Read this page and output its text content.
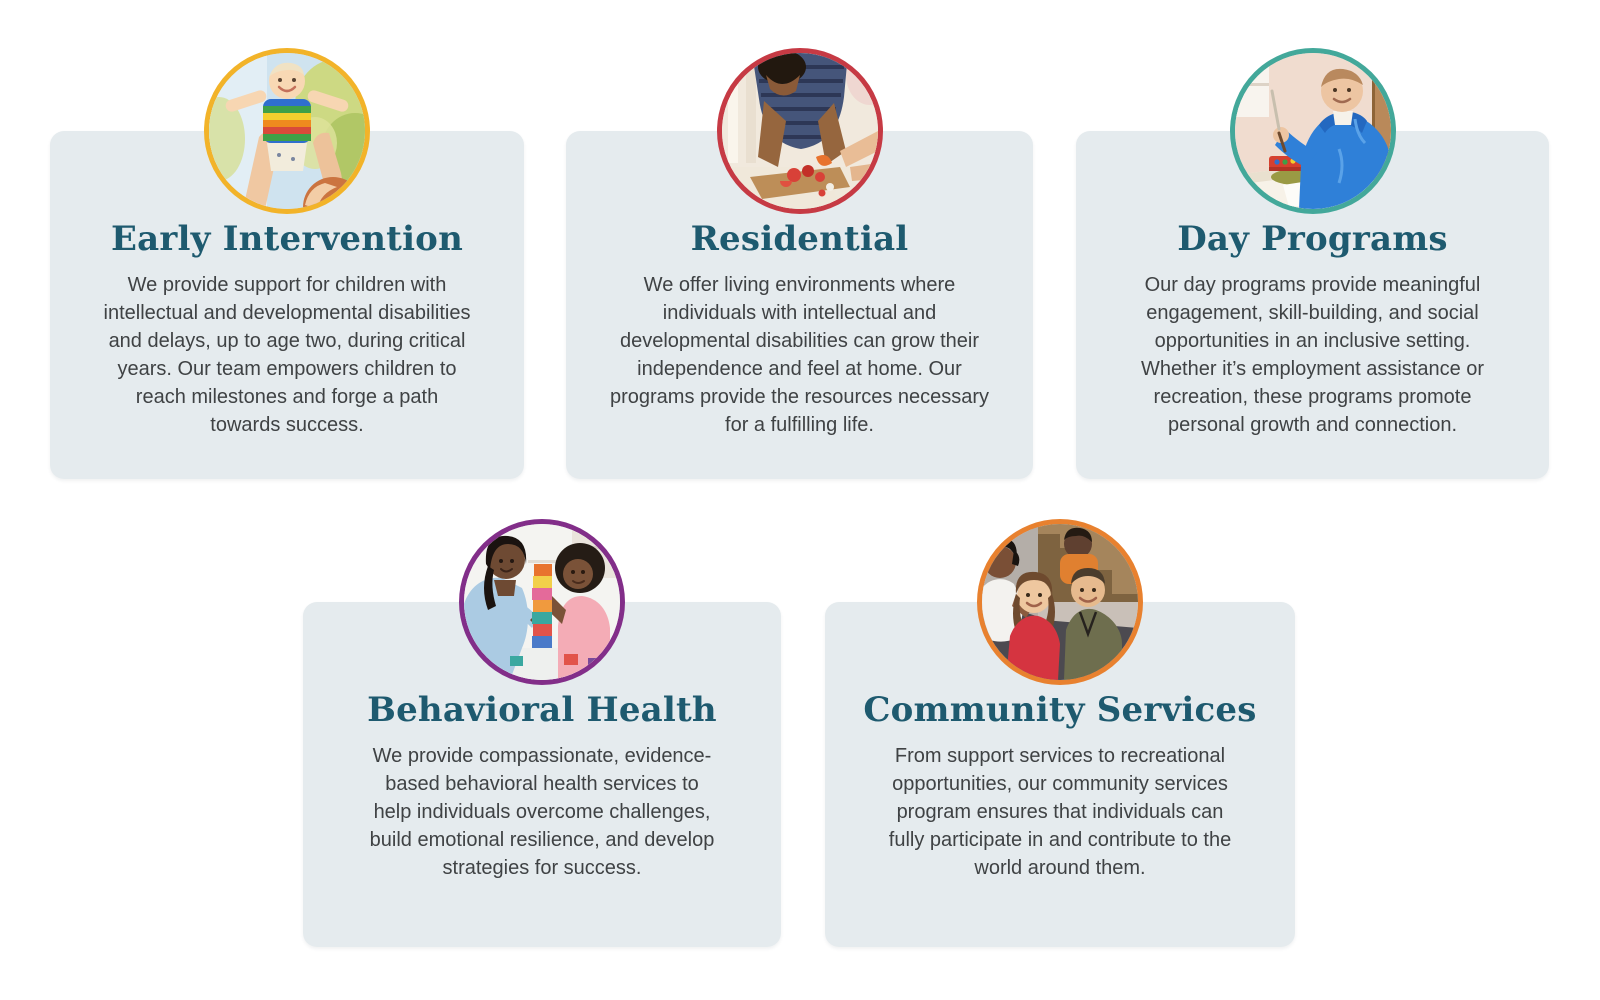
Early Intervention

We provide support for children with intellectual and developmental disabilities and delays, up to age two, during critical years. Our team empowers children to reach milestones and forge a path towards success.

Residential

We offer living environments where individuals with intellectual and developmental disabilities can grow their independence and feel at home. Our programs provide the resources necessary for a fulfilling life.

Day Programs

Our day programs provide meaningful engagement, skill-building, and social opportunities in an inclusive setting. Whether it’s employment assistance or recreation, these programs promote personal growth and connection.

Behavioral Health

We provide compassionate, evidence-based behavioral health services to help individuals overcome challenges, build emotional resilience, and develop strategies for success.

Community Services

From support services to recreational opportunities, our community services program ensures that individuals can fully participate in and contribute to the world around them.
